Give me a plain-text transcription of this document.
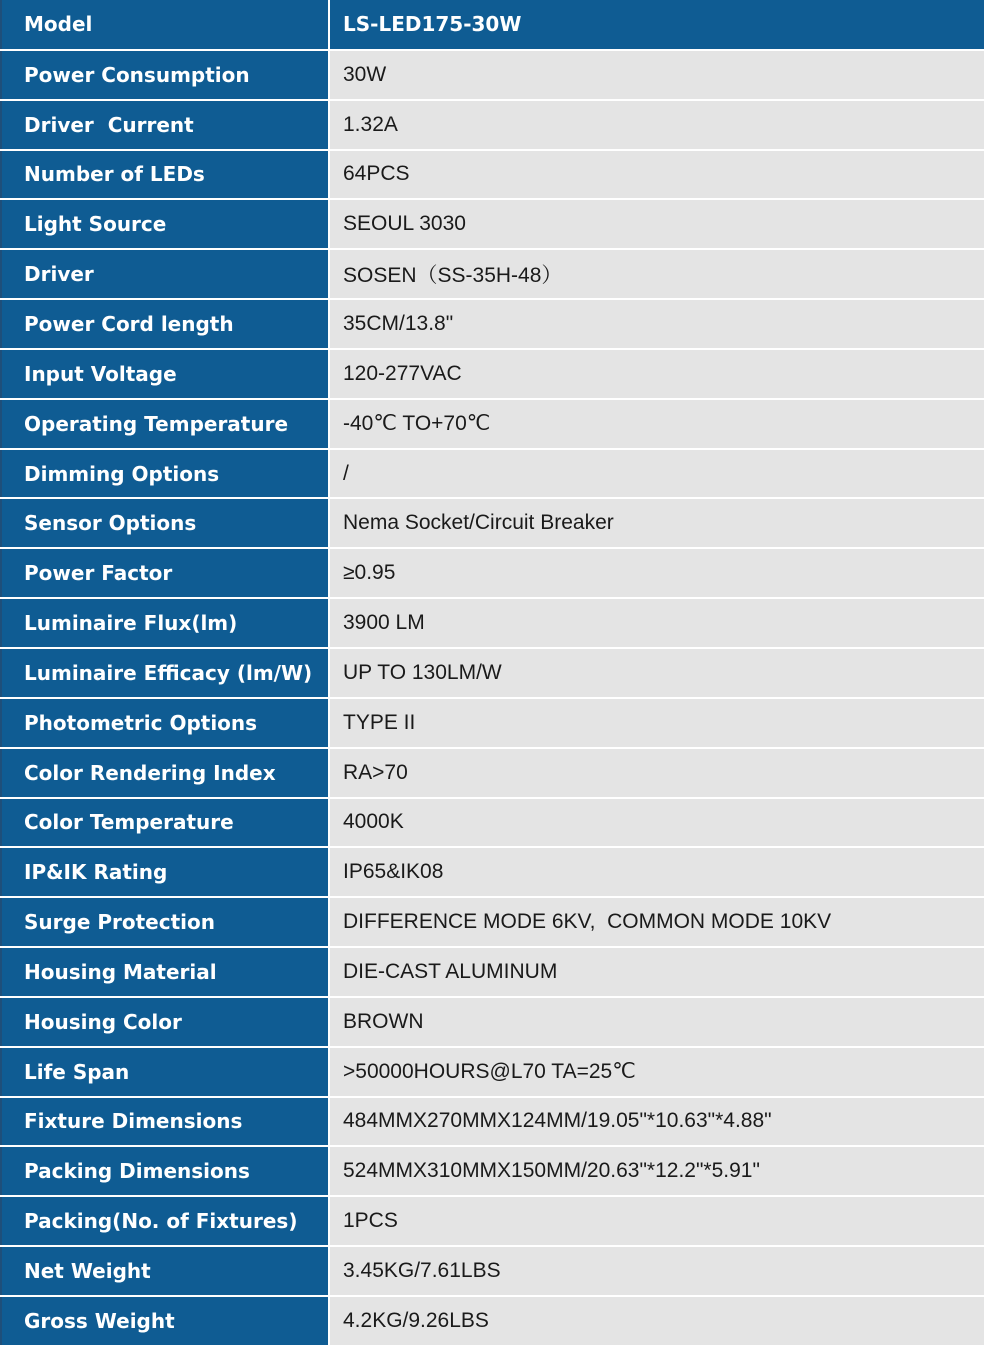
Model	LS-LED175-30W
Power Consumption	30W
Driver  Current	1.32A
Number of LEDs	64PCS
Light Source	SEOUL 3030
Driver	SOSEN（SS-35H-48）
Power Cord length	35CM/13.8"
Input Voltage	120-277VAC
Operating Temperature	-40℃ TO+70℃
Dimming Options	/
Sensor Options	Nema Socket/Circuit Breaker
Power Factor	≥0.95
Luminaire Flux(lm)	3900 LM
Luminaire Efficacy (lm/W)	UP TO 130LM/W
Photometric Options	TYPE II
Color Rendering Index	RA>70
Color Temperature	4000K
IP&IK Rating	IP65&IK08
Surge Protection	DIFFERENCE MODE 6KV,  COMMON MODE 10KV
Housing Material	DIE-CAST ALUMINUM
Housing Color	BROWN
Life Span	>50000HOURS@L70 TA=25℃
Fixture Dimensions	484MMX270MMX124MM/19.05"*10.63"*4.88"
Packing Dimensions	524MMX310MMX150MM/20.63"*12.2"*5.91"
Packing(No. of Fixtures)	1PCS
Net Weight	3.45KG/7.61LBS
Gross Weight	4.2KG/9.26LBS
